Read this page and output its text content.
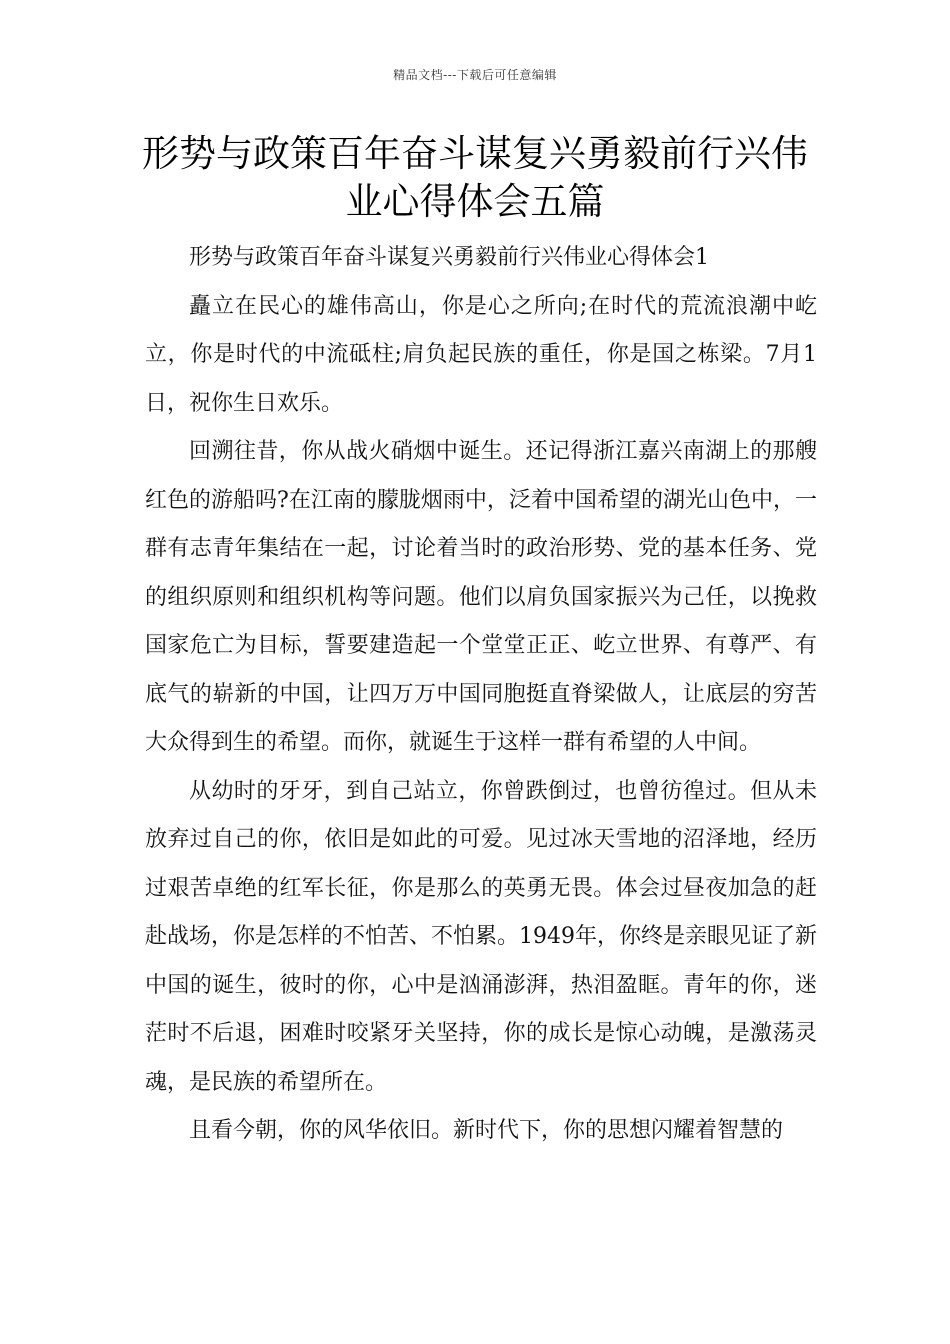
精品文档---下载后可任意编辑
形势与政策百年奋斗谋复兴勇毅前行兴伟业心得体会五篇

形势与政策百年奋斗谋复兴勇毅前行兴伟业心得体会1

矗立在民心的雄伟高山，你是心之所向;在时代的荒流浪潮中屹立，你是时代的中流砥柱;肩负起民族的重任，你是国之栋梁。7月1日，祝你生日欢乐。

回溯往昔，你从战火硝烟中诞生。还记得浙江嘉兴南湖上的那艘红色的游船吗?在江南的朦胧烟雨中，泛着中国希望的湖光山色中，一群有志青年集结在一起，讨论着当时的政治形势、党的基本任务、党的组织原则和组织机构等问题。他们以肩负国家振兴为己任，以挽救国家危亡为目标，誓要建造起一个堂堂正正、屹立世界、有尊严、有底气的崭新的中国，让四万万中国同胞挺直脊梁做人，让底层的穷苦大众得到生的希望。而你，就诞生于这样一群有希望的人中间。

从幼时的牙牙，到自己站立，你曾跌倒过，也曾彷徨过。但从未放弃过自己的你，依旧是如此的可爱。见过冰天雪地的沼泽地，经历过艰苦卓绝的红军长征，你是那么的英勇无畏。体会过昼夜加急的赶赴战场，你是怎样的不怕苦、不怕累。1949年，你终是亲眼见证了新中国的诞生，彼时的你，心中是汹涌澎湃，热泪盈眶。青年的你，迷茫时不后退，困难时咬紧牙关坚持，你的成长是惊心动魄，是激荡灵魂，是民族的希望所在。

且看今朝，你的风华依旧。新时代下，你的思想闪耀着智慧的
